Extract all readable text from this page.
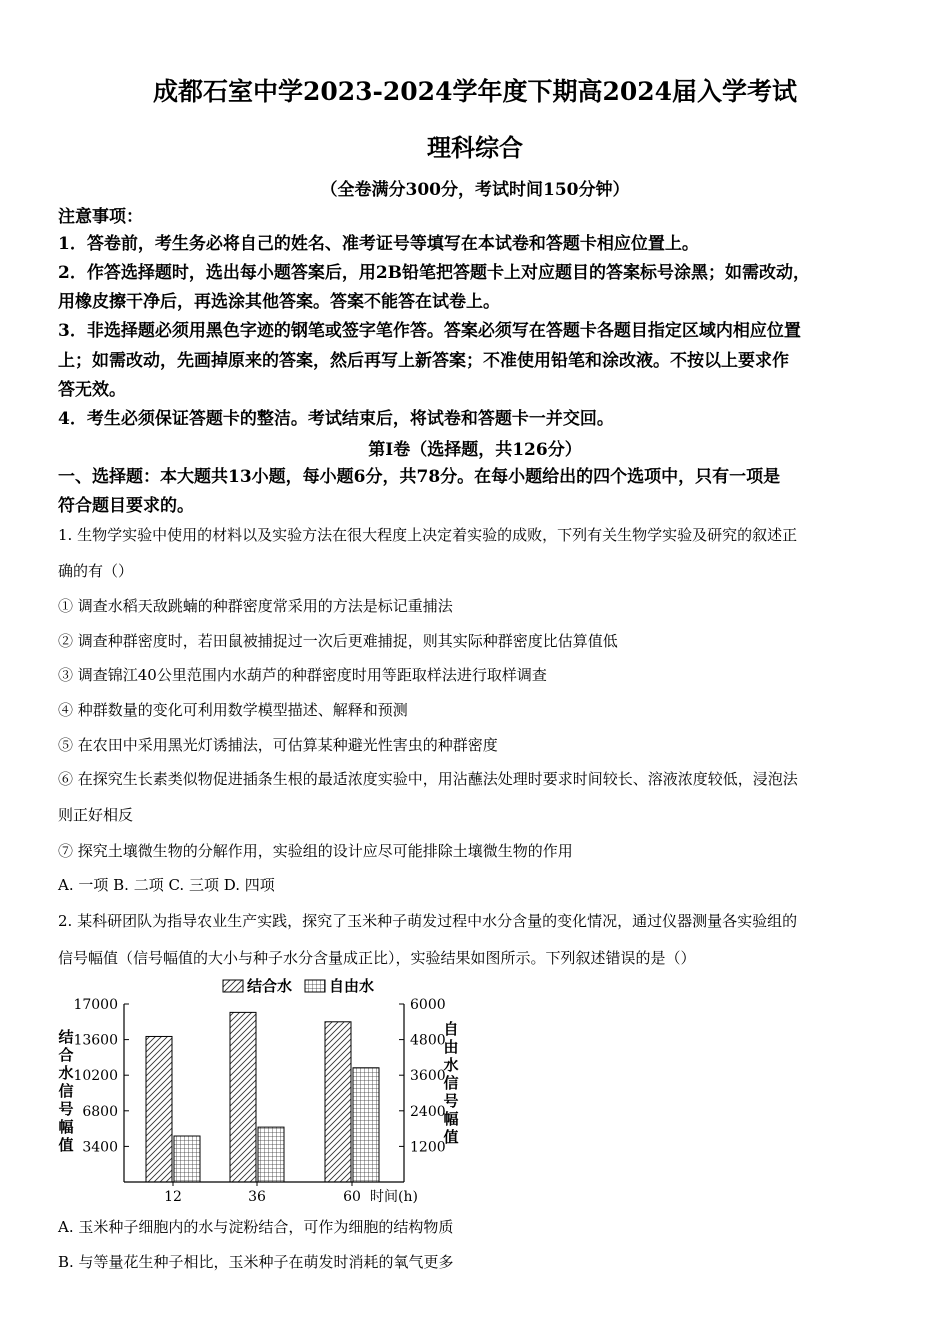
成都石室中学2023-2024学年度下期高2024届入学考试
理科综合
（全卷满分300分，考试时间150分钟）
注意事项：
1．答卷前，考生务必将自己的姓名、准考证号等填写在本试卷和答题卡相应位置上。
2．作答选择题时，选出每小题答案后，用2B铅笔把答题卡上对应题目的答案标号涂黑；如需改动，
用橡皮擦干净后，再选涂其他答案。答案不能答在试卷上。
3．非选择题必须用黑色字迹的钢笔或签字笔作答。答案必须写在答题卡各题目指定区域内相应位置
上；如需改动，先画掉原来的答案，然后再写上新答案；不准使用铅笔和涂改液。不按以上要求作
答无效。
4．考生必须保证答题卡的整洁。考试结束后，将试卷和答题卡一并交回。
第I卷（选择题，共126分）
一、选择题：本大题共13小题，每小题6分，共78分。在每小题给出的四个选项中，只有一项是
符合题目要求的。
1. 生物学实验中使用的材料以及实验方法在很大程度上决定着实验的成败，下列有关生物学实验及研究的叙述正
确的有（）
① 调查水稻天敌跳蝻的种群密度常采用的方法是标记重捕法
② 调查种群密度时，若田鼠被捕捉过一次后更难捕捉，则其实际种群密度比估算值低
③ 调查锦江40公里范围内水葫芦的种群密度时用等距取样法进行取样调查
④ 种群数量的变化可利用数学模型描述、解释和预测
⑤ 在农田中采用黑光灯诱捕法，可估算某种避光性害虫的种群密度
⑥ 在探究生长素类似物促进插条生根的最适浓度实验中，用沾蘸法处理时要求时间较长、溶液浓度较低，浸泡法
则正好相反
⑦ 探究土壤微生物的分解作用，实验组的设计应尽可能排除土壤微生物的作用
A. 一项 B. 二项 C. 三项 D. 四项
2. 某科研团队为指导农业生产实践，探究了玉米种子萌发过程中水分含量的变化情况，通过仪器测量各实验组的
信号幅值（信号幅值的大小与种子水分含量成正比），实验结果如图所示。下列叙述错误的是（）
结合水 自由水
结
合
水
信
号
幅
值
自
由
水
信
号
幅
值
3400
6800
10200
13600
17000
1200
2400
3600
4800
6000
12	36	60 时间(h)
A. 玉米种子细胞内的水与淀粉结合，可作为细胞的结构物质
B. 与等量花生种子相比，玉米种子在萌发时消耗的氧气更多
